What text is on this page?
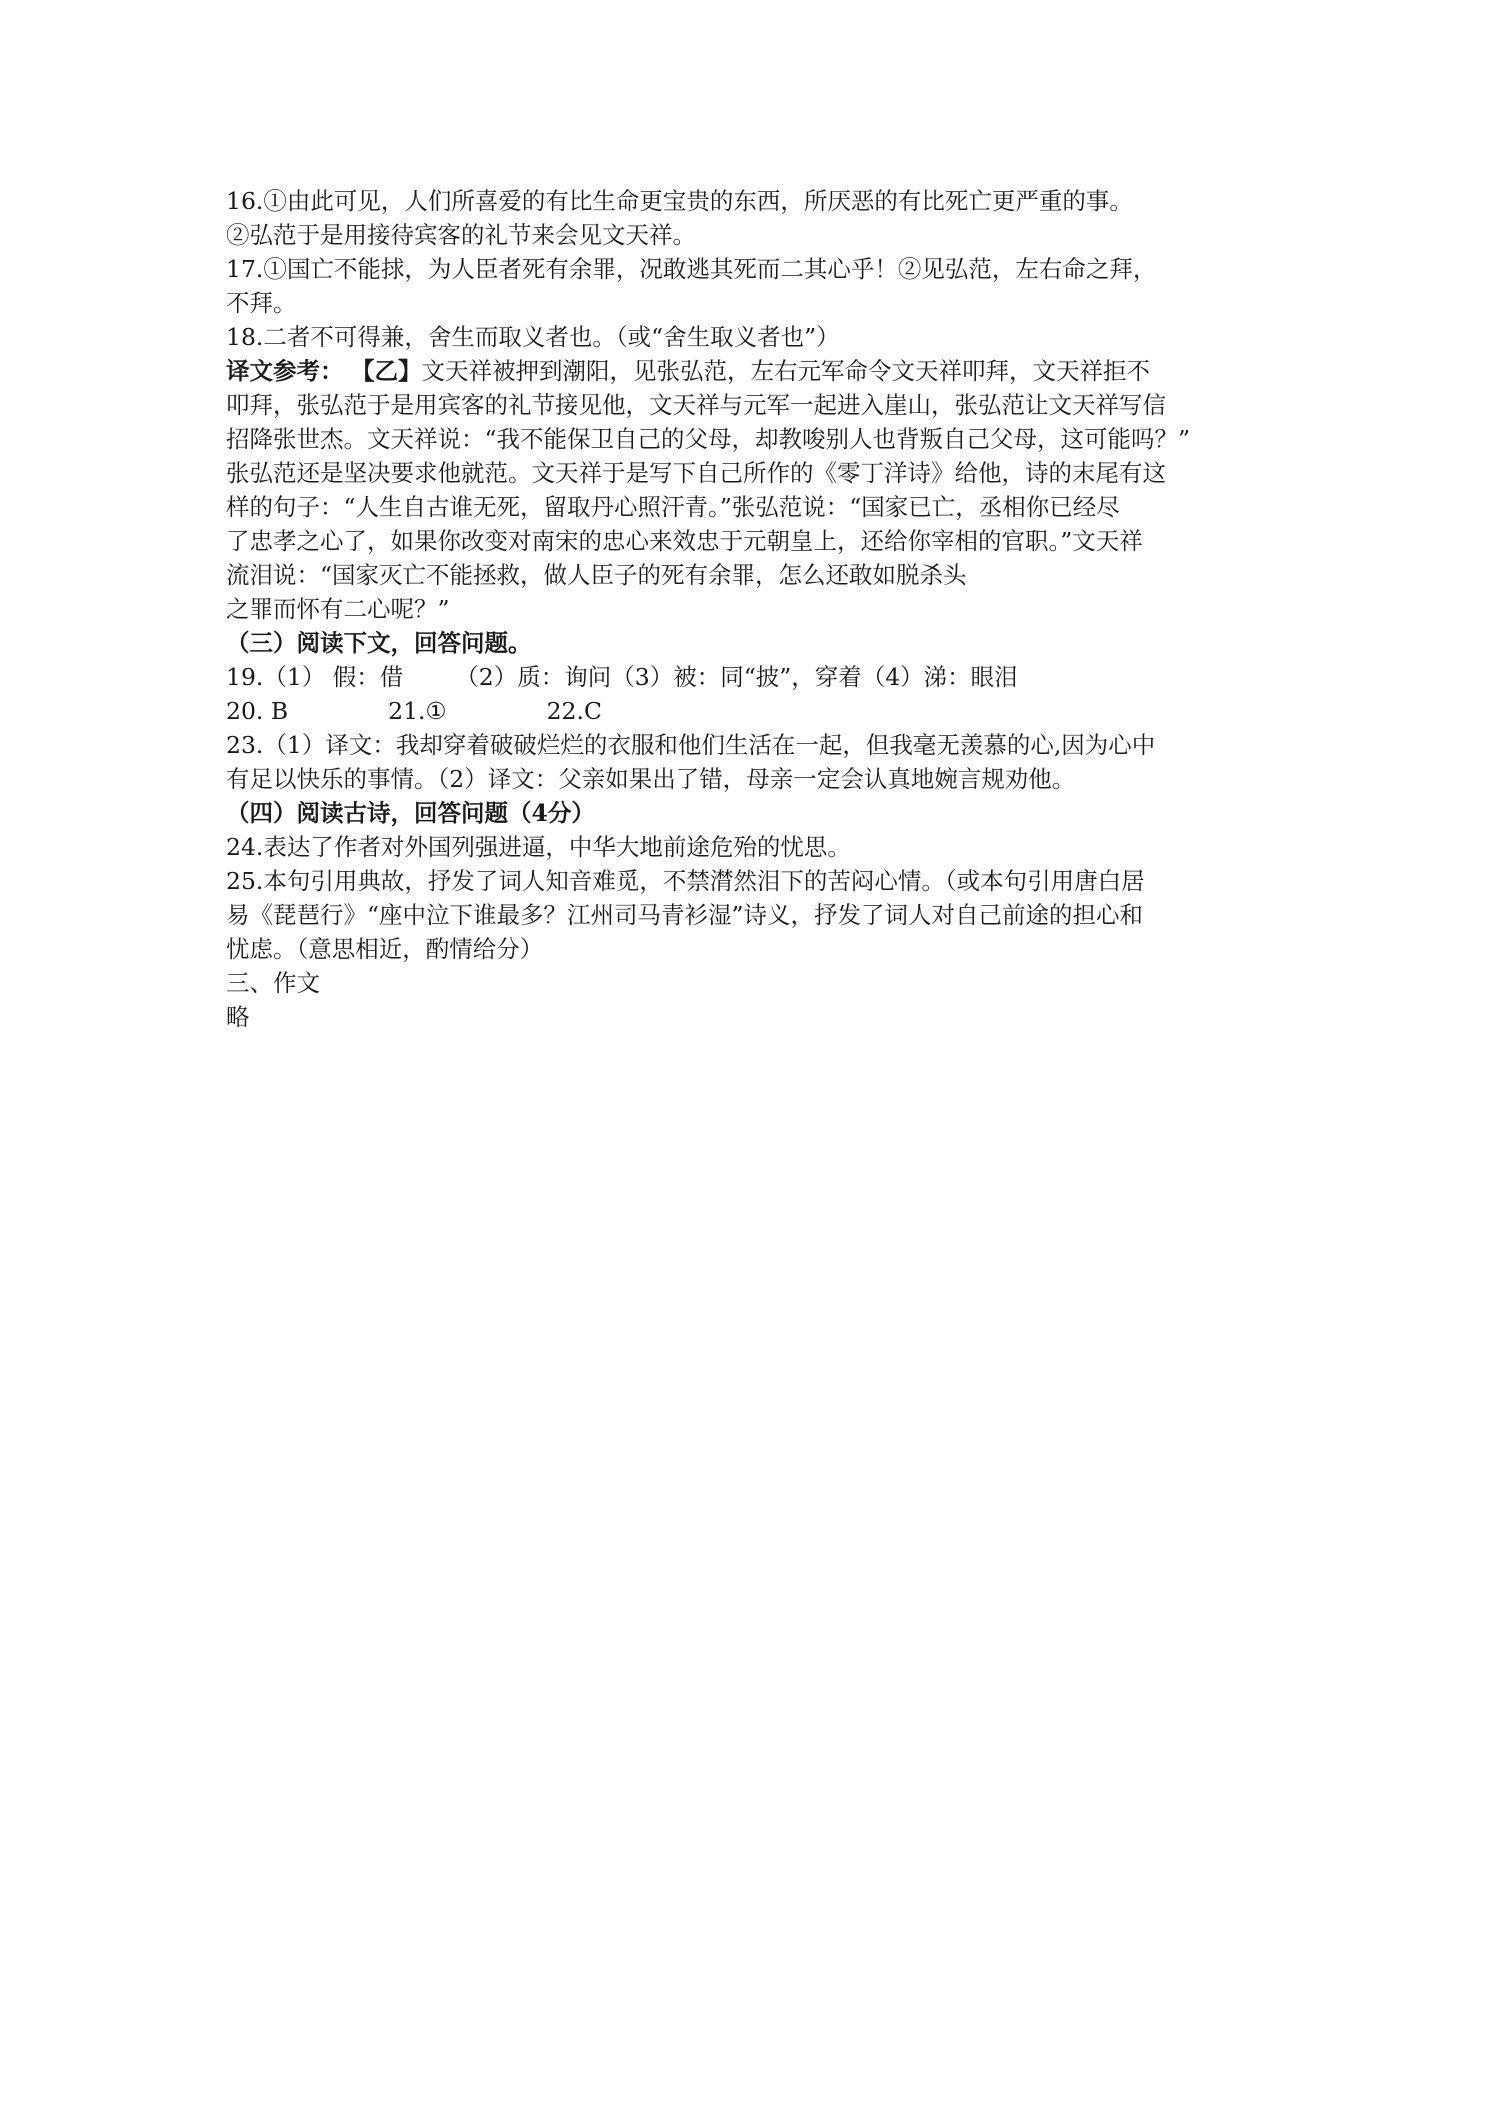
16.①由此可见，人们所喜爱的有比生命更宝贵的东西，所厌恶的有比死亡更严重的事。
②弘范于是用接待宾客的礼节来会见文天祥。
17.①国亡不能捄，为人臣者死有余罪，况敢逃其死而二其心乎！②见弘范，左右命之拜，
不拜。
18.二者不可得兼，舍生而取义者也。（或“舍生取义者也”）
译文参考： 【乙】文天祥被押到潮阳，见张弘范，左右元军命令文天祥叩拜，文天祥拒不
叩拜，张弘范于是用宾客的礼节接见他，文天祥与元军一起进入崖山，张弘范让文天祥写信
招降张世杰。文天祥说：“我不能保卫自己的父母，却教唆别人也背叛自己父母，这可能吗？”
张弘范还是坚决要求他就范。文天祥于是写下自己所作的《零丁洋诗》给他，诗的末尾有这
样的句子：“人生自古谁无死，留取丹心照汗青。”张弘范说：“国家已亡，丞相你已经尽
了忠孝之心了，如果你改变对南宋的忠心来效忠于元朝皇上，还给你宰相的官职。”文天祥
流泪说：“国家灭亡不能拯救，做人臣子的死有余罪，怎么还敢如脱杀头
之罪而怀有二心呢？”
（三）阅读下文，回答问题。
19.（1） 假：借 （2）质：询问（3）被：同“披”，穿着（4）涕：眼泪
20. B	21.①	22.C
23.（1）译文：我却穿着破破烂烂的衣服和他们生活在一起，但我毫无羡慕的心,因为心中
有足以快乐的事情。（2）译文：父亲如果出了错，母亲一定会认真地婉言规劝他。
（四）阅读古诗，回答问题（4分）
24.表达了作者对外国列强进逼，中华大地前途危殆的忧思。
25.本句引用典故，抒发了词人知音难觅，不禁潸然泪下的苦闷心情。（或本句引用唐白居
易《琵琶行》“座中泣下谁最多？江州司马青衫湿”诗义，抒发了词人对自己前途的担心和
忧虑。（意思相近，酌情给分）
三、作文
略
